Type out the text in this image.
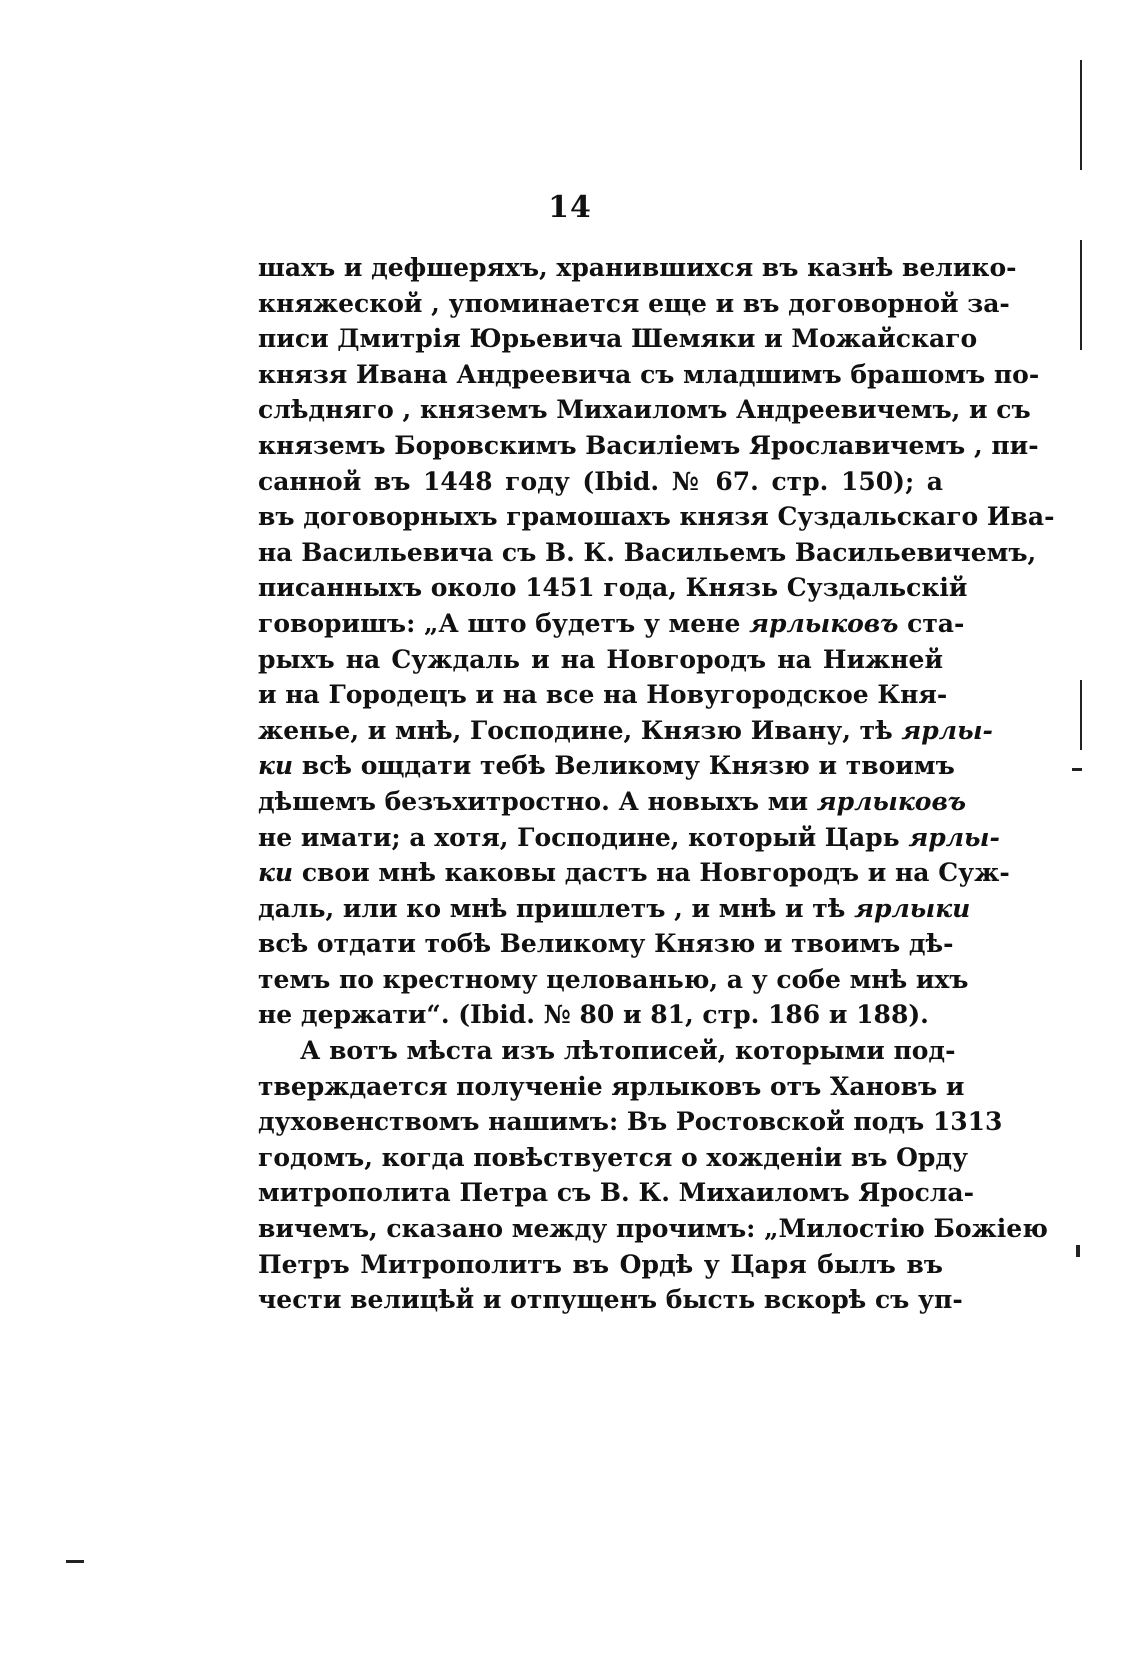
14
шахъ и дефшеряхъ, хранившихся въ казнѣ велико-
княжеской , упоминается еще и въ договорной за-
писи Дмитрія Юрьевича Шемяки и Можайскаго
князя Ивана Андреевича съ младшимъ брашомъ по-
слѣдняго , княземъ Михаиломъ Андреевичемъ, и съ
княземъ Боровскимъ Василіемъ Ярославичемъ , пи-
санной въ 1448 году (Ibid. № 67. стр. 150); а
въ договорныхъ грамошахъ князя Суздальскаго Ива-
на Васильевича съ В. К. Васильемъ Васильевичемъ,
писанныхъ около 1451 года, Князь Суздальскій
говоришъ: „А што будетъ у мене ярлыковъ ста-
рыхъ на Суждаль и на Новгородъ на Нижней
и на Городецъ и на все на Новугородское Кня-
женье, и мнѣ, Господине, Князю Ивану, тѣ ярлы-
ки всѣ ощдати тебѣ Великому Князю и твоимъ
дѣшемъ безъхитростно. А новыхъ ми ярлыковъ
не имати; а хотя, Господине, который Царь ярлы-
ки свои мнѣ каковы дастъ на Новгородъ и на Суж-
даль, или ко мнѣ пришлетъ , и мнѣ и тѣ ярлыки
всѣ отдати тобѣ Великому Князю и твоимъ дѣ-
темъ по крестному целованью, а у собе мнѣ ихъ
не держати“. (Ibid. № 80 и 81, стр. 186 и 188).
А вотъ мѣста изъ лѣтописей, которыми под-
тверждается полученіе ярлыковъ отъ Хановъ и
духовенствомъ нашимъ: Въ Ростовской подъ 1313
годомъ, когда повѣствуется о хожденіи въ Орду
митрополита Петра съ В. К. Михаиломъ Яросла-
вичемъ, сказано между прочимъ: „Милостію Божіею
Петръ Митрополитъ въ Ордѣ у Царя былъ въ
чести велицѣй и отпущенъ бысть вскорѣ съ уп-
